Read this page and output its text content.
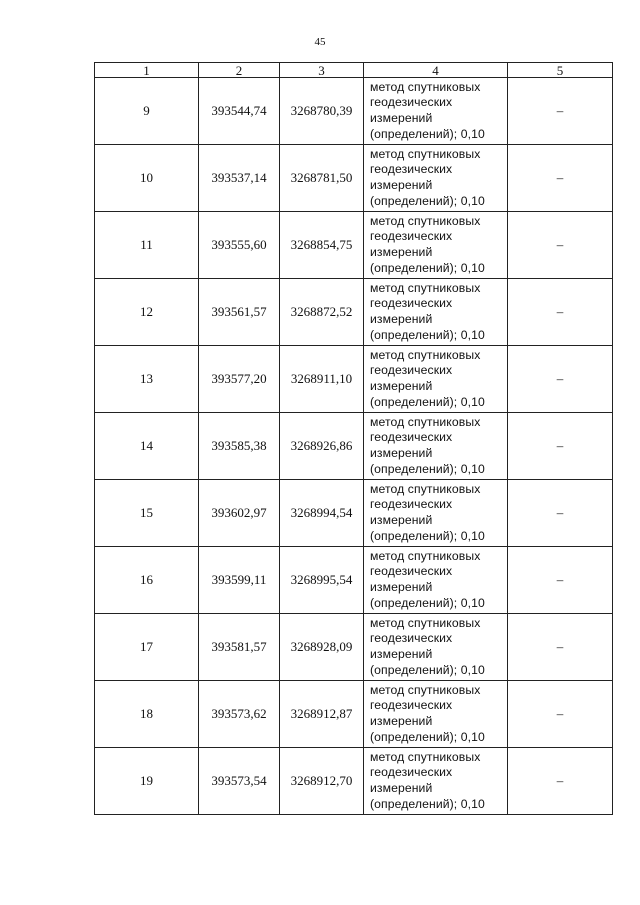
45
1	2	3	4	5
9	393544,74	3268780,39	метод спутниковых
геодезических
измерений
(определений); 0,10	–
10	393537,14	3268781,50	метод спутниковых
геодезических
измерений
(определений); 0,10	–
11	393555,60	3268854,75	метод спутниковых
геодезических
измерений
(определений); 0,10	–
12	393561,57	3268872,52	метод спутниковых
геодезических
измерений
(определений); 0,10	–
13	393577,20	3268911,10	метод спутниковых
геодезических
измерений
(определений); 0,10	–
14	393585,38	3268926,86	метод спутниковых
геодезических
измерений
(определений); 0,10	–
15	393602,97	3268994,54	метод спутниковых
геодезических
измерений
(определений); 0,10	–
16	393599,11	3268995,54	метод спутниковых
геодезических
измерений
(определений); 0,10	–
17	393581,57	3268928,09	метод спутниковых
геодезических
измерений
(определений); 0,10	–
18	393573,62	3268912,87	метод спутниковых
геодезических
измерений
(определений); 0,10	–
19	393573,54	3268912,70	метод спутниковых
геодезических
измерений
(определений); 0,10	–
